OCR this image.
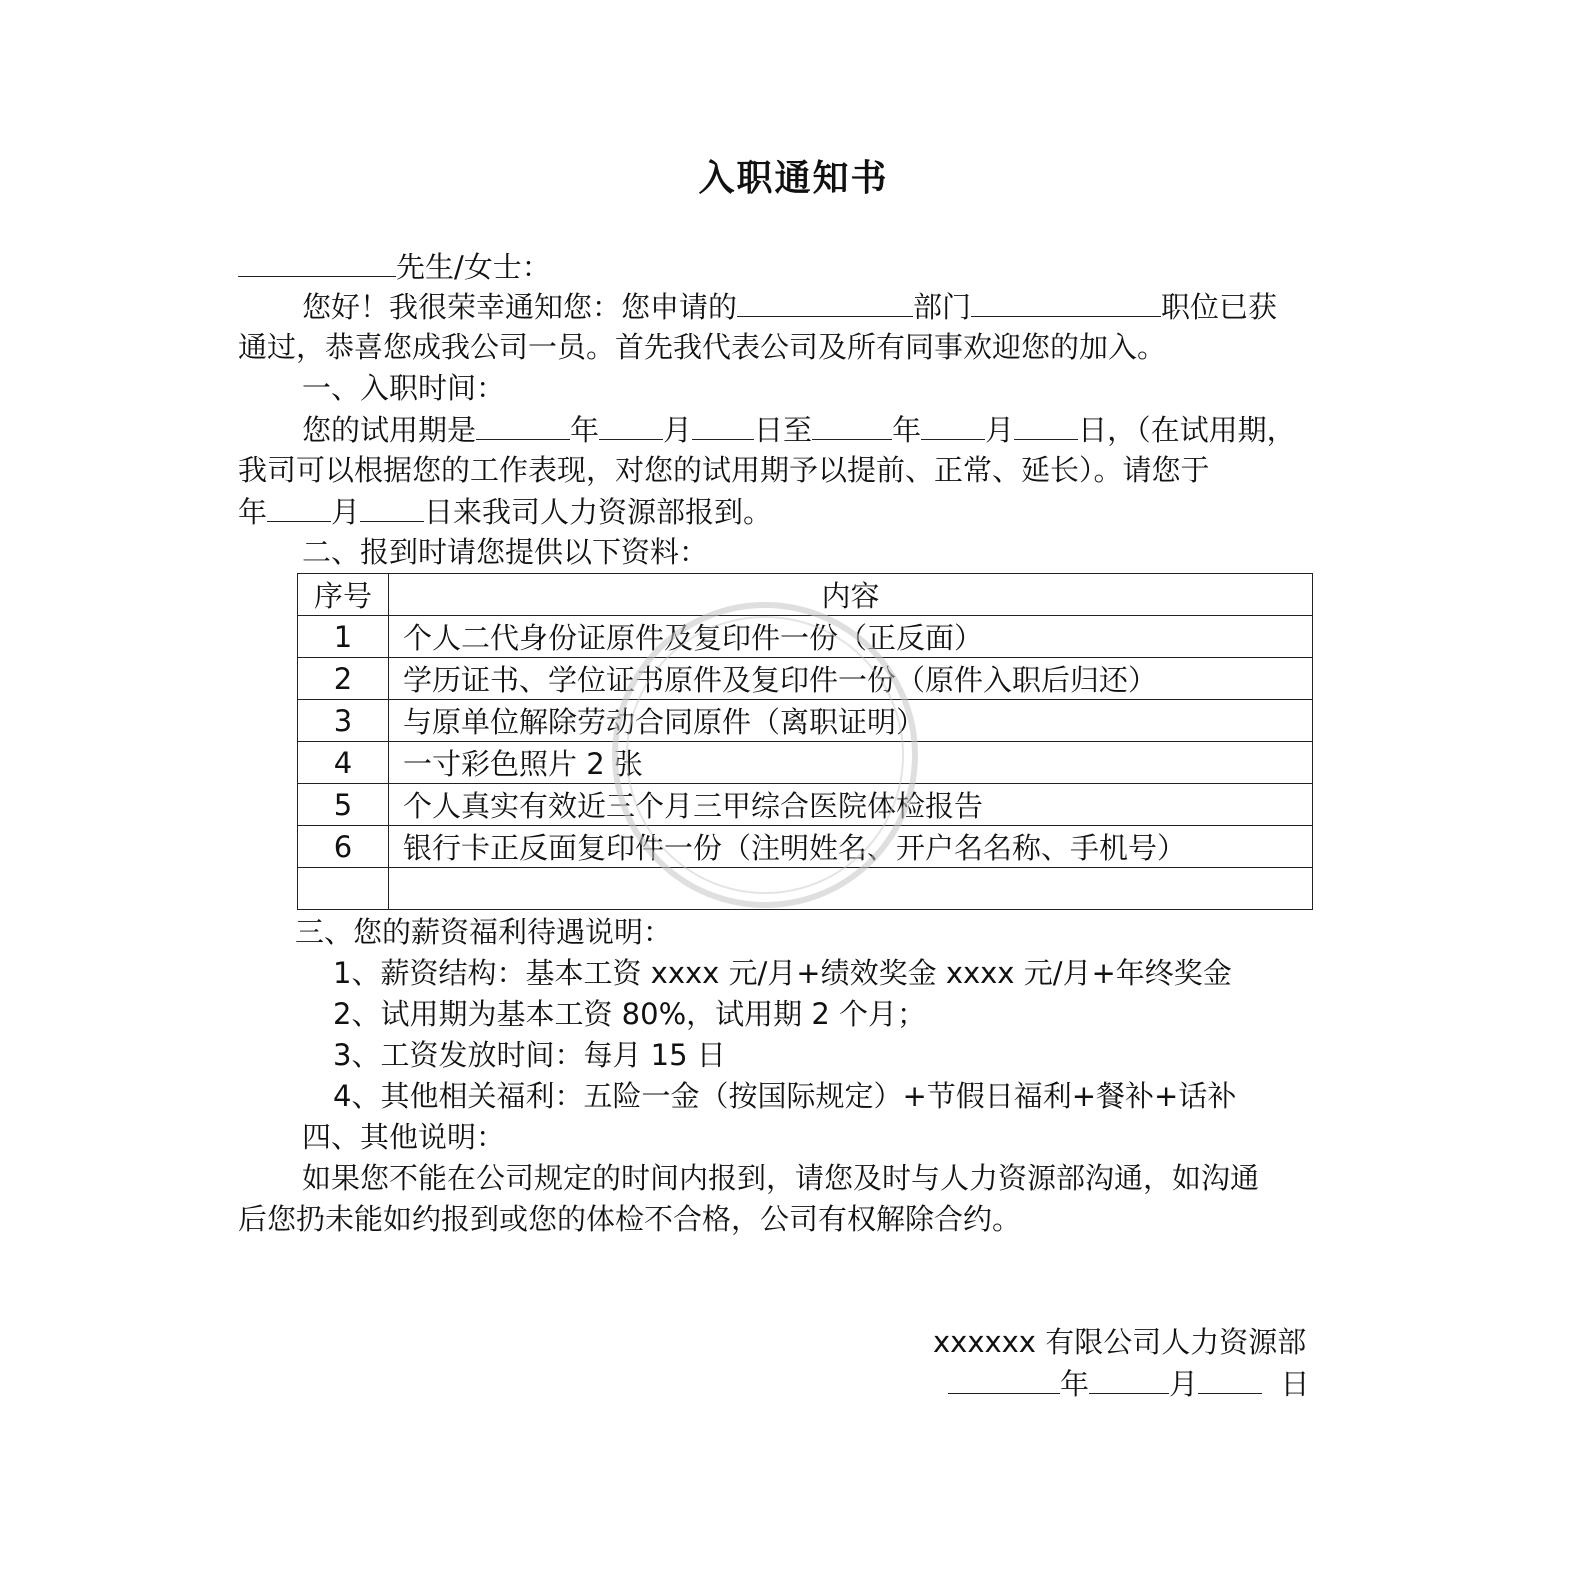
入职通知书
先生/女士：
您好！我很荣幸通知您：您申请的	部门	职位已获
通过，恭喜您成我公司一员。首先我代表公司及所有同事欢迎您的加入。
一、入职时间：
您的试用期是	年 月 日至	年 月 日，（在试用期，
我司可以根据您的工作表现，对您的试用期予以提前、正常、延长）。请您于
年 月 日来我司人力资源部报到。
二、报到时请您提供以下资料：
序号	内容
1	个人二代身份证原件及复印件一份（正反面）
2	学历证书、学位证书原件及复印件一份（原件入职后归还）
3	与原单位解除劳动合同原件（离职证明）
4	一寸彩色照片 2 张
5	个人真实有效近三个月三甲综合医院体检报告
6	银行卡正反面复印件一份（注明姓名、开户名名称、手机号）

三、您的薪资福利待遇说明：
1、薪资结构：基本工资 xxxx 元/月+绩效奖金 xxxx 元/月+年终奖金
2、试用期为基本工资 80%，试用期 2 个月；
3、工资发放时间：每月 15 日
4、其他相关福利：五险一金（按国际规定）+节假日福利+餐补+话补
四、其他说明：
如果您不能在公司规定的时间内报到，请您及时与人力资源部沟通，如沟通
后您扔未能如约报到或您的体检不合格，公司有权解除合约。
xxxxxx 有限公司人力资源部
年	月	日
